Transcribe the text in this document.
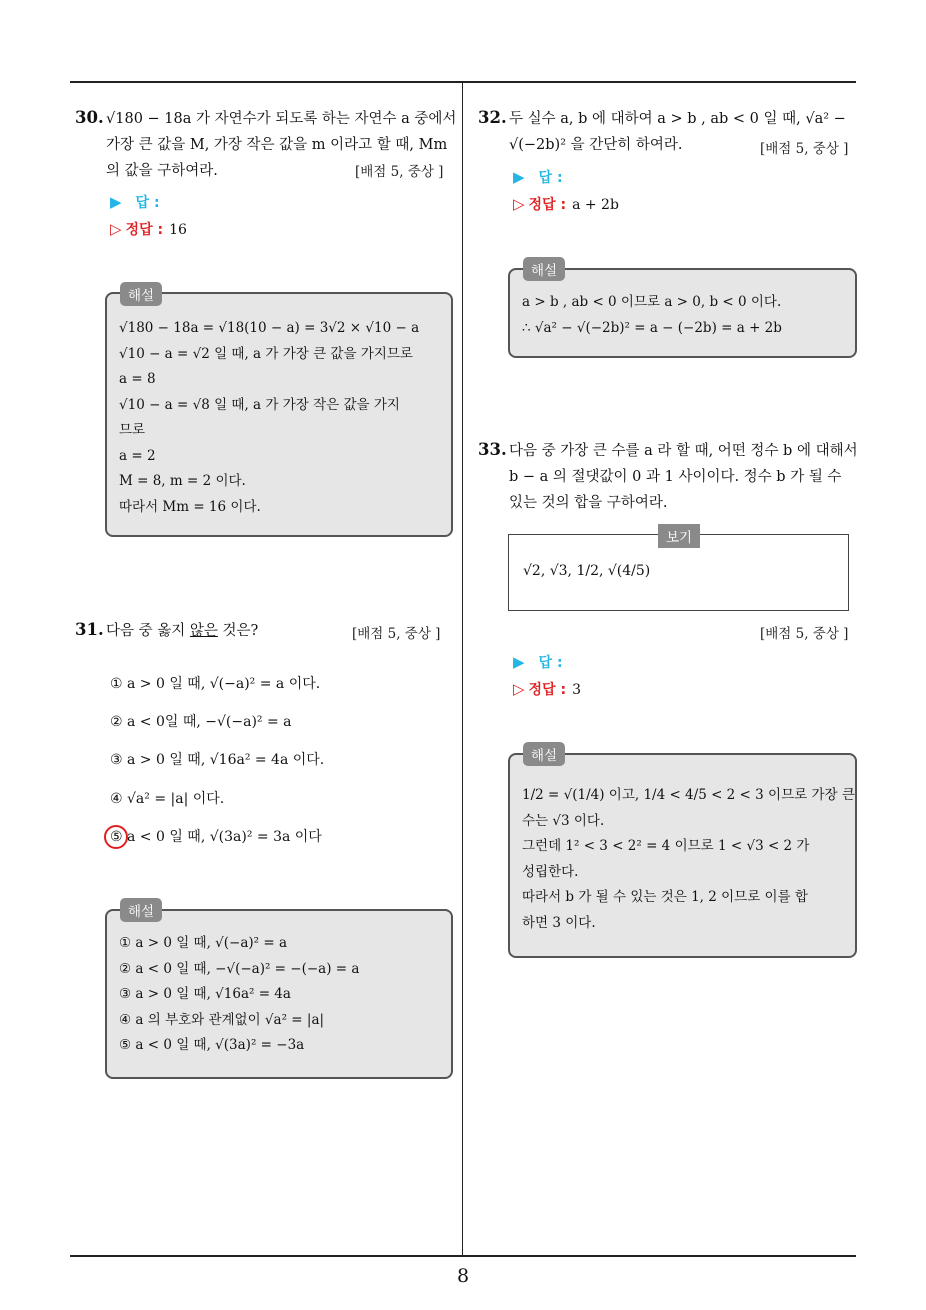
8
30. √180 − 18a 가 자연수가 되도록 하는 자연수 a 중에서
가장 큰 값을 M, 가장 작은 값을 m 이라고 할 때, Mm
의 값을 구하여라.	[배점 5, 중상 ]
▶ 답 :
▷ 정답 : 16
√180 − 18a = √18(10 − a) = 3√2 × √10 − a
√10 − a = √2 일 때, a 가 가장 큰 값을 가지므로
a = 8
√10 − a = √8 일 때, a 가 가장 작은 값을 가지
므로
a = 2
M = 8, m = 2 이다.
따라서 Mm = 16 이다.
해설
31. 다음 중 옳지 않은 것은?	[배점 5, 중상 ]
① a > 0 일 때, √(−a)² = a 이다.
② a < 0일 때, −√(−a)² = a
③ a > 0 일 때, √16a² = 4a 이다.
④ √a² = |a| 이다.
⑤ a < 0 일 때, √(3a)² = 3a 이다
① a > 0 일 때, √(−a)² = a
② a < 0 일 때, −√(−a)² = −(−a) = a
③ a > 0 일 때, √16a² = 4a
④ a 의 부호와 관계없이 √a² = |a|
⑤ a < 0 일 때, √(3a)² = −3a
해설
32. 두 실수 a, b 에 대하여 a > b , ab < 0 일 때, √a² −
√(−2b)² 을 간단히 하여라.	[배점 5, 중상 ]
▶ 답 :
▷ 정답 : a + 2b
a > b , ab < 0 이므로 a > 0, b < 0 이다.
∴ √a² − √(−2b)² = a − (−2b) = a + 2b
해설
33. 다음 중 가장 큰 수를 a 라 할 때, 어떤 정수 b 에 대해서
b − a 의 절댓값이 0 과 1 사이이다. 정수 b 가 될 수
있는 것의 합을 구하여라.
√2, √3, 1/2, √(4/5)
보기
[배점 5, 중상 ]
▶ 답 :
▷ 정답 : 3
1/2 = √(1/4) 이고, 1/4 < 4/5 < 2 < 3 이므로 가장 큰
수는 √3 이다.
그런데 1² < 3 < 2² = 4 이므로 1 < √3 < 2 가
성립한다.
따라서 b 가 될 수 있는 것은 1, 2 이므로 이를 합
하면 3 이다.
해설
